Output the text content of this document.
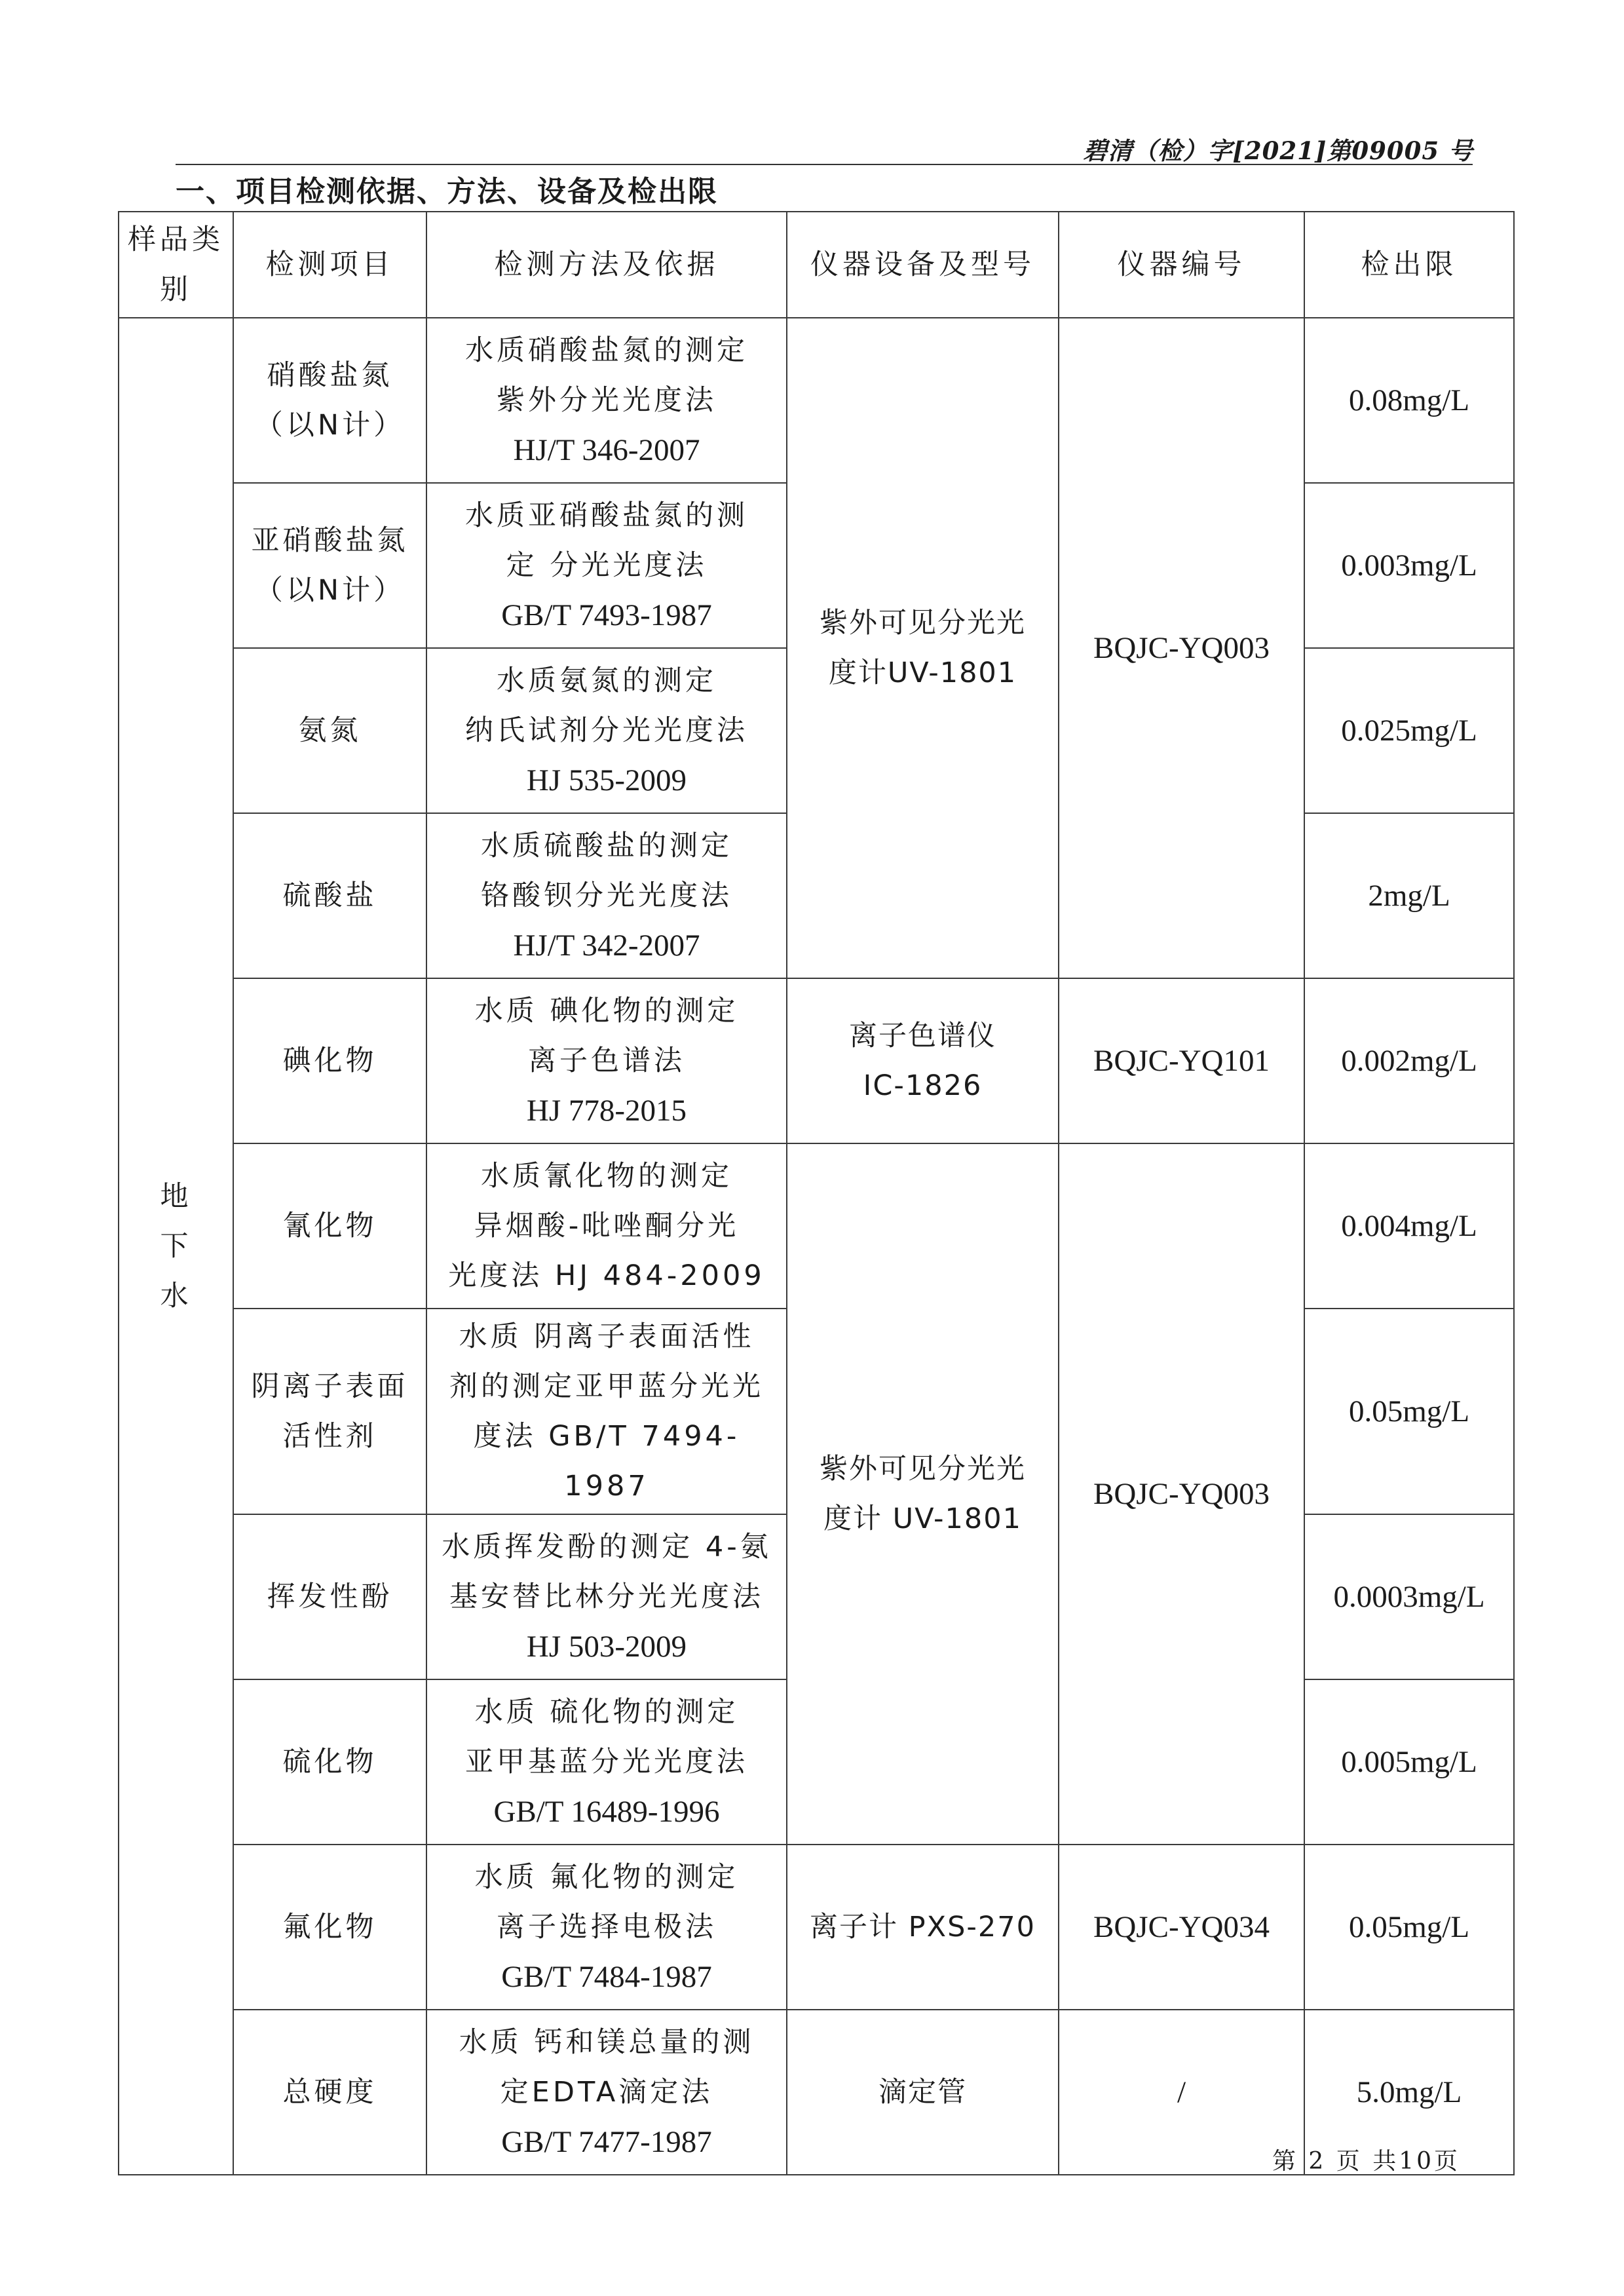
碧清（检）字[2021]第09005 号
一、项目检测依据、方法、设备及检出限
样品类别	检测项目	检测方法及依据	仪器设备及型号	仪器编号	检出限
地下水	硝酸盐氮（以N计）	水质硝酸盐氮的测定
紫外分光光度法
HJ/T 346-2007	紫外可见分光光度计UV-1801	BQJC-YQ003	0.08mg/L
	亚硝酸盐氮（以N计）	水质亚硝酸盐氮的测
定 分光光度法
GB/T 7493-1987			0.003mg/L
	氨氮	水质氨氮的测定
纳氏试剂分光光度法
HJ 535-2009			0.025mg/L
	硫酸盐	水质硫酸盐的测定
铬酸钡分光光度法
HJ/T 342-2007			2mg/L
	碘化物	水质 碘化物的测定
离子色谱法
HJ 778-2015	离子色谱仪IC-1826	BQJC-YQ101	0.002mg/L
	氰化物	水质氰化物的测定
异烟酸-吡唑酮分光
光度法 HJ 484-2009	紫外可见分光光度计 UV-1801	BQJC-YQ003	0.004mg/L
	阴离子表面活性剂	水质 阴离子表面活性
剂的测定亚甲蓝分光光
度法 GB/T 7494-1987			0.05mg/L
	挥发性酚	水质挥发酚的测定 4-氨
基安替比林分光光度法
HJ 503-2009			0.0003mg/L
	硫化物	水质 硫化物的测定
亚甲基蓝分光光度法
GB/T 16489-1996			0.005mg/L
	氟化物	水质 氟化物的测定
离子选择电极法
GB/T 7484-1987	离子计 PXS-270	BQJC-YQ034	0.05mg/L
	总硬度	水质 钙和镁总量的测
定EDTA滴定法
GB/T 7477-1987	滴定管	/	5.0mg/L
第 2 页 共10页
